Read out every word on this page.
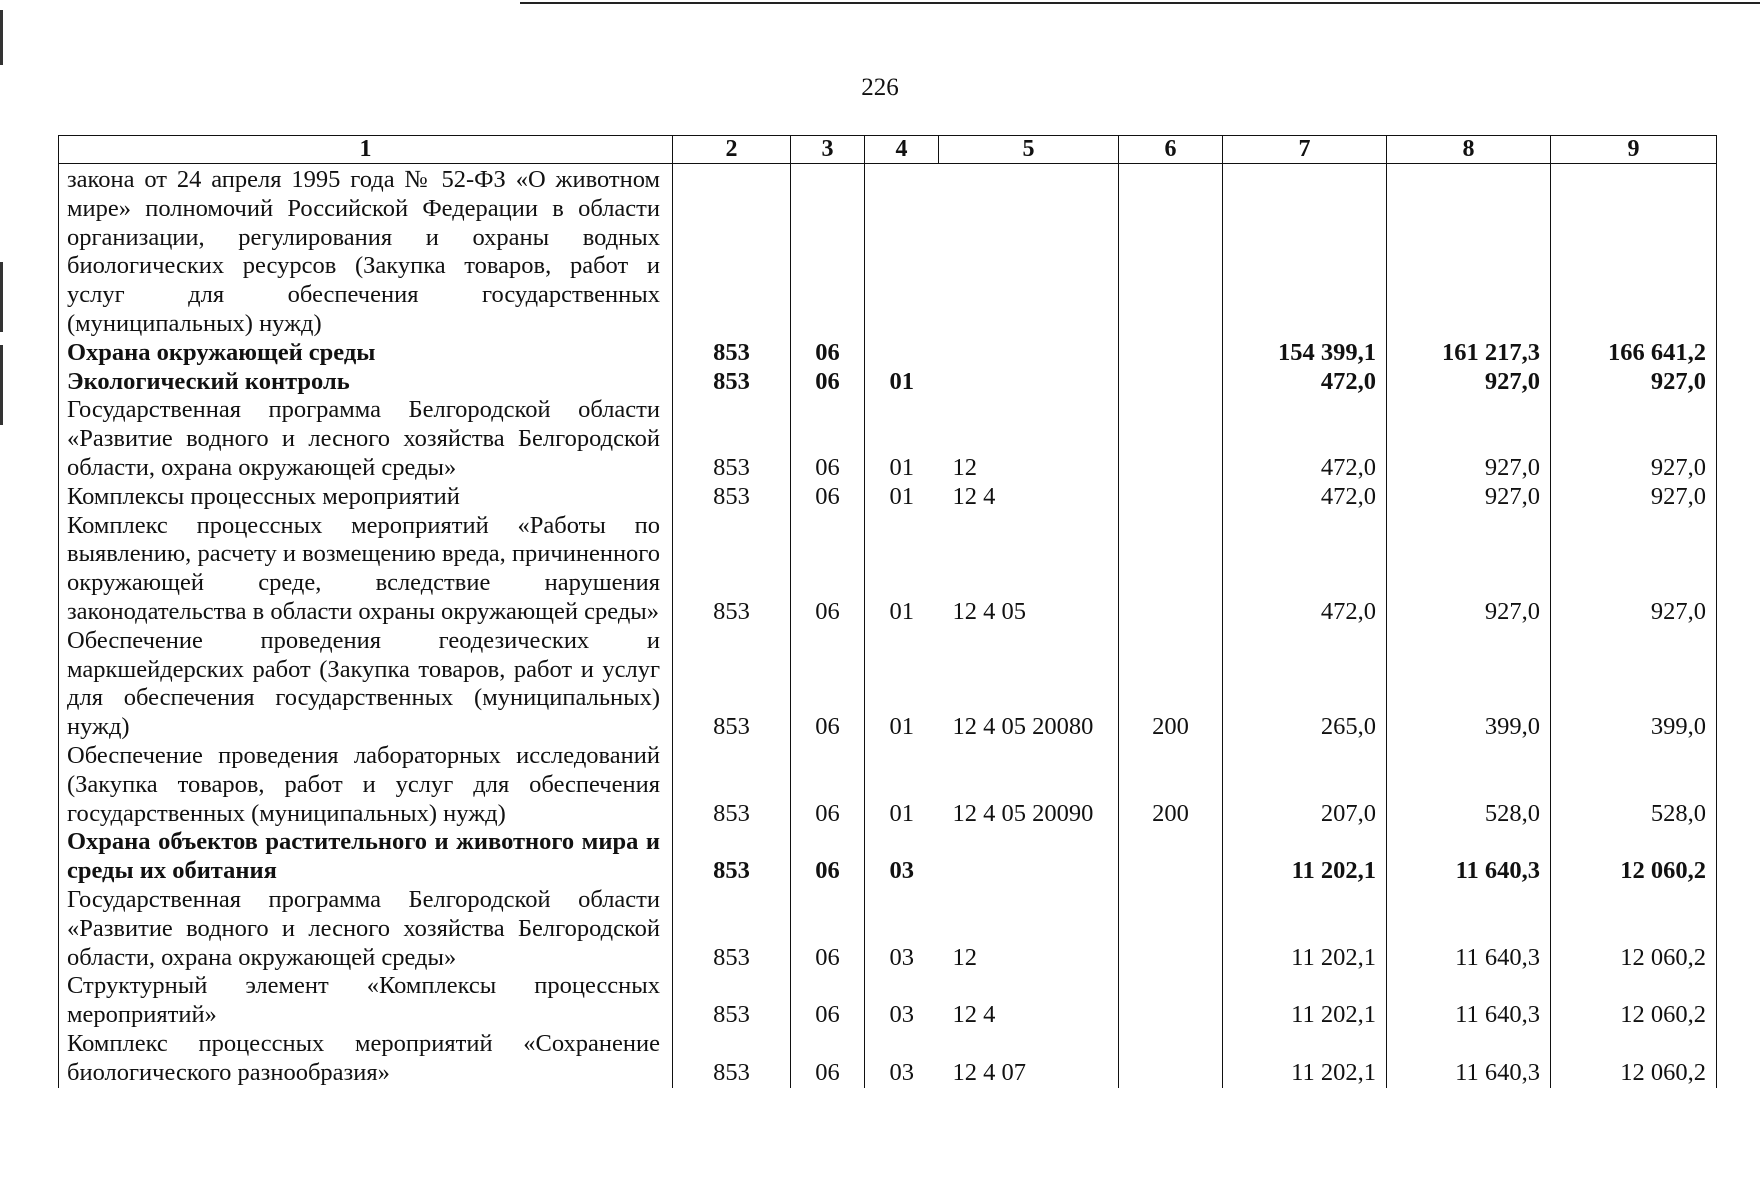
226
1	2	3	4	5	6	7	8	9
закона от 24 апреля 1995 года № 52-ФЗ «О животном мире» полномочий Российской Федерации в области организации, регулирования и охраны водных биологических ресурсов (Закупка товаров, работ и услуг для обеспечения государственных (муниципальных) нужд)								
Охрана окружающей среды	853	06				154 399,1	161 217,3	166 641,2
Экологический контроль	853	06	01			472,0	927,0	927,0
Государственная программа Белгородской области «Развитие водного и лесного хозяйства Белгородской области, охрана окружающей среды»	853	06	01	12		472,0	927,0	927,0
Комплексы процессных мероприятий	853	06	01	12 4		472,0	927,0	927,0
Комплекс процессных мероприятий «Работы по выявлению, расчету и возмещению вреда, причиненного окружающей среде, вследствие нарушения законодательства в области охраны окружающей среды»	853	06	01	12 4 05		472,0	927,0	927,0
Обеспечение проведения геодезических и маркшейдерских работ (Закупка товаров, работ и услуг для обеспечения государственных (муниципальных) нужд)	853	06	01	12 4 05 20080	200	265,0	399,0	399,0
Обеспечение проведения лабораторных исследований (Закупка товаров, работ и услуг для обеспечения государственных (муниципальных) нужд)	853	06	01	12 4 05 20090	200	207,0	528,0	528,0
Охрана объектов растительного и животного мира и среды их обитания	853	06	03			11 202,1	11 640,3	12 060,2
Государственная программа Белгородской области «Развитие водного и лесного хозяйства Белгородской области, охрана окружающей среды»	853	06	03	12		11 202,1	11 640,3	12 060,2
Структурный элемент «Комплексы процессных мероприятий»	853	06	03	12 4		11 202,1	11 640,3	12 060,2
Комплекс процессных мероприятий «Сохранение биологического разнообразия»	853	06	03	12 4 07		11 202,1	11 640,3	12 060,2
